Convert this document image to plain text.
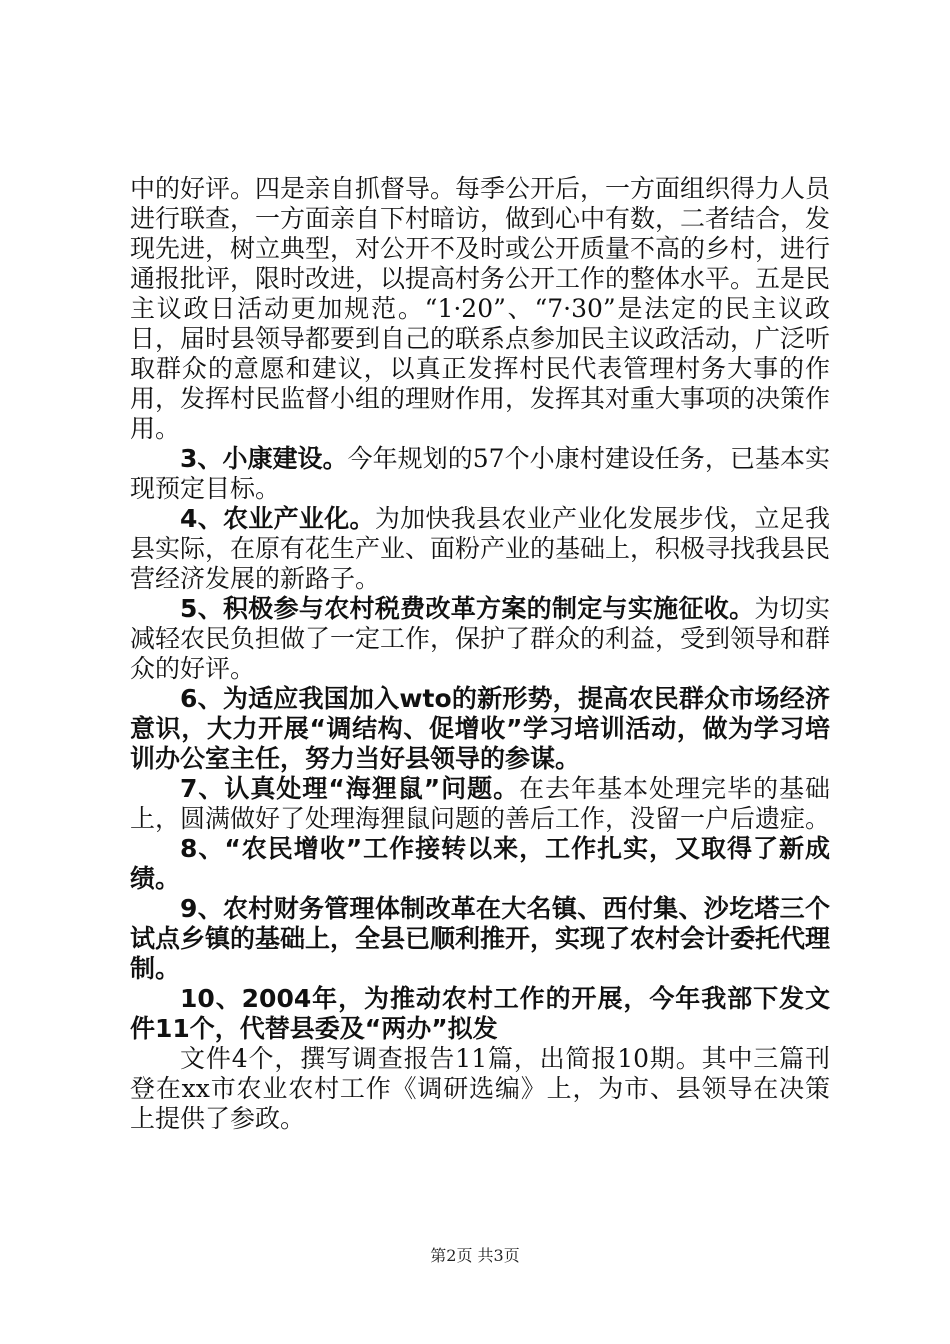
中的好评。四是亲自抓督导。每季公开后，一方面组织得力人员进行联查，一方面亲自下村暗访，做到心中有数，二者结合，发现先进，树立典型，对公开不及时或公开质量不高的乡村，进行通报批评，限时改进，以提高村务公开工作的整体水平。五是民主议政日活动更加规范。“1·20”、“7·30”是法定的民主议政日，届时县领导都要到自己的联系点参加民主议政活动，广泛听取群众的意愿和建议，以真正发挥村民代表管理村务大事的作用，发挥村民监督小组的理财作用，发挥其对重大事项的决策作用。

3、小康建设。今年规划的57个小康村建设任务，已基本实现预定目标。

4、农业产业化。为加快我县农业产业化发展步伐，立足我县实际，在原有花生产业、面粉产业的基础上，积极寻找我县民营经济发展的新路子。

5、积极参与农村税费改革方案的制定与实施征收。为切实减轻农民负担做了一定工作，保护了群众的利益，受到领导和群众的好评。

6、为适应我国加入wto的新形势，提高农民群众市场经济意识，大力开展“调结构、促增收”学习培训活动，做为学习培训办公室主任，努力当好县领导的参谋。

7、认真处理“海狸鼠”问题。在去年基本处理完毕的基础上，圆满做好了处理海狸鼠问题的善后工作，没留一户后遗症。

8、“农民增收”工作接转以来，工作扎实，又取得了新成绩。

9、农村财务管理体制改革在大名镇、西付集、沙圪塔三个试点乡镇的基础上，全县已顺利推开，实现了农村会计委托代理制。

10、2004年，为推动农村工作的开展，今年我部下发文件11个，代替县委及“两办”拟发

文件4个，撰写调查报告11篇，出简报10期。其中三篇刊登在xx市农业农村工作《调研选编》上，为市、县领导在决策上提供了参政。

第2页 共3页
